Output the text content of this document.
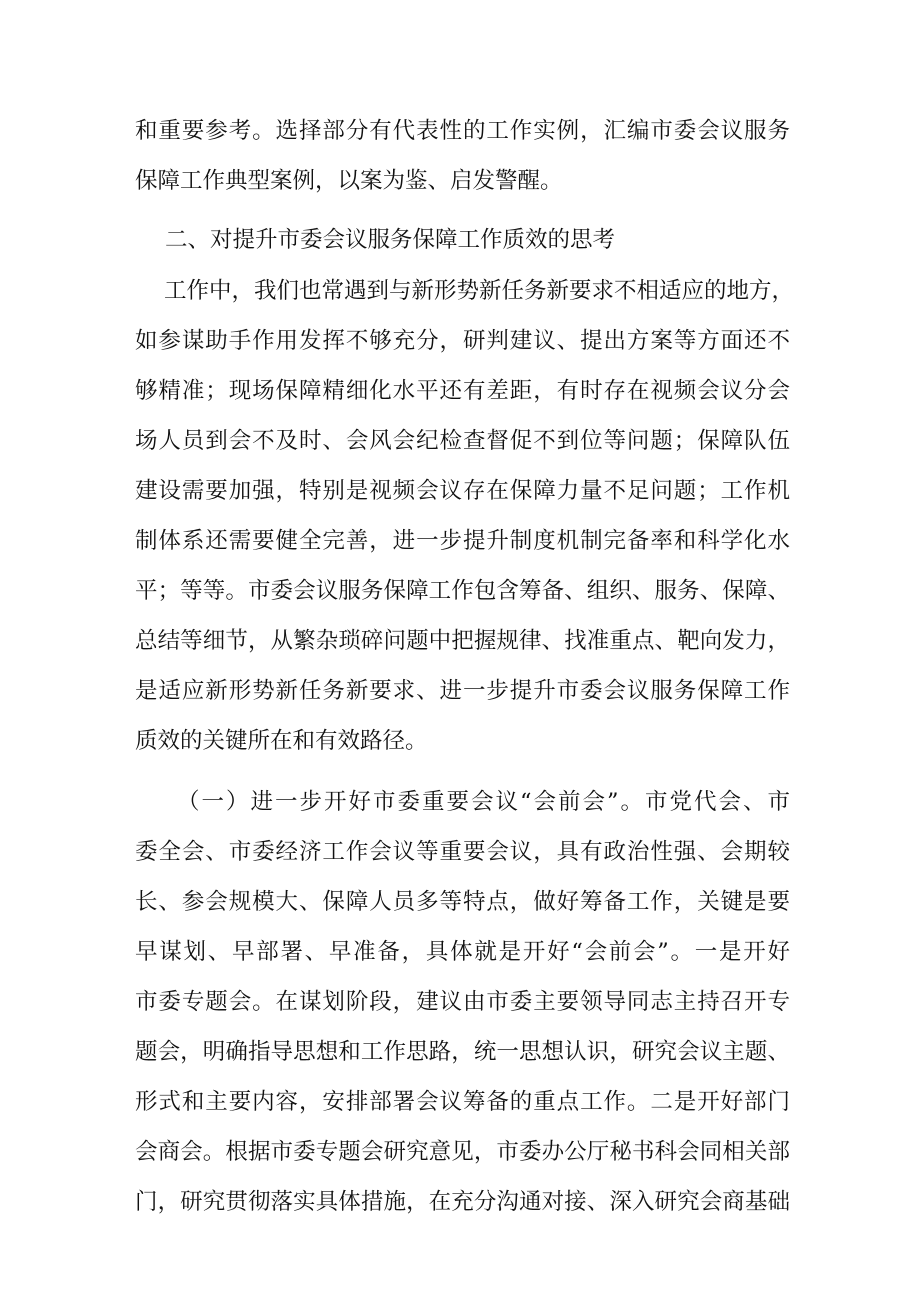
和重要参考。选择部分有代表性的工作实例，汇编市委会议服务
保障工作典型案例，以案为鉴、启发警醒。
二、对提升市委会议服务保障工作质效的思考
工作中，我们也常遇到与新形势新任务新要求不相适应的地方，
如参谋助手作用发挥不够充分，研判建议、提出方案等方面还不
够精准；现场保障精细化水平还有差距，有时存在视频会议分会
场人员到会不及时、会风会纪检查督促不到位等问题；保障队伍
建设需要加强，特别是视频会议存在保障力量不足问题；工作机
制体系还需要健全完善，进一步提升制度机制完备率和科学化水
平；等等。市委会议服务保障工作包含筹备、组织、服务、保障、
总结等细节，从繁杂琐碎问题中把握规律、找准重点、靶向发力，
是适应新形势新任务新要求、进一步提升市委会议服务保障工作
质效的关键所在和有效路径。
（一）进一步开好市委重要会议“会前会”。市党代会、市
委全会、市委经济工作会议等重要会议，具有政治性强、会期较
长、参会规模大、保障人员多等特点，做好筹备工作，关键是要
早谋划、早部署、早准备，具体就是开好“会前会”。一是开好
市委专题会。在谋划阶段，建议由市委主要领导同志主持召开专
题会，明确指导思想和工作思路，统一思想认识，研究会议主题、
形式和主要内容，安排部署会议筹备的重点工作。二是开好部门
会商会。根据市委专题会研究意见，市委办公厅秘书科会同相关部
门，研究贯彻落实具体措施，在充分沟通对接、深入研究会商基础
